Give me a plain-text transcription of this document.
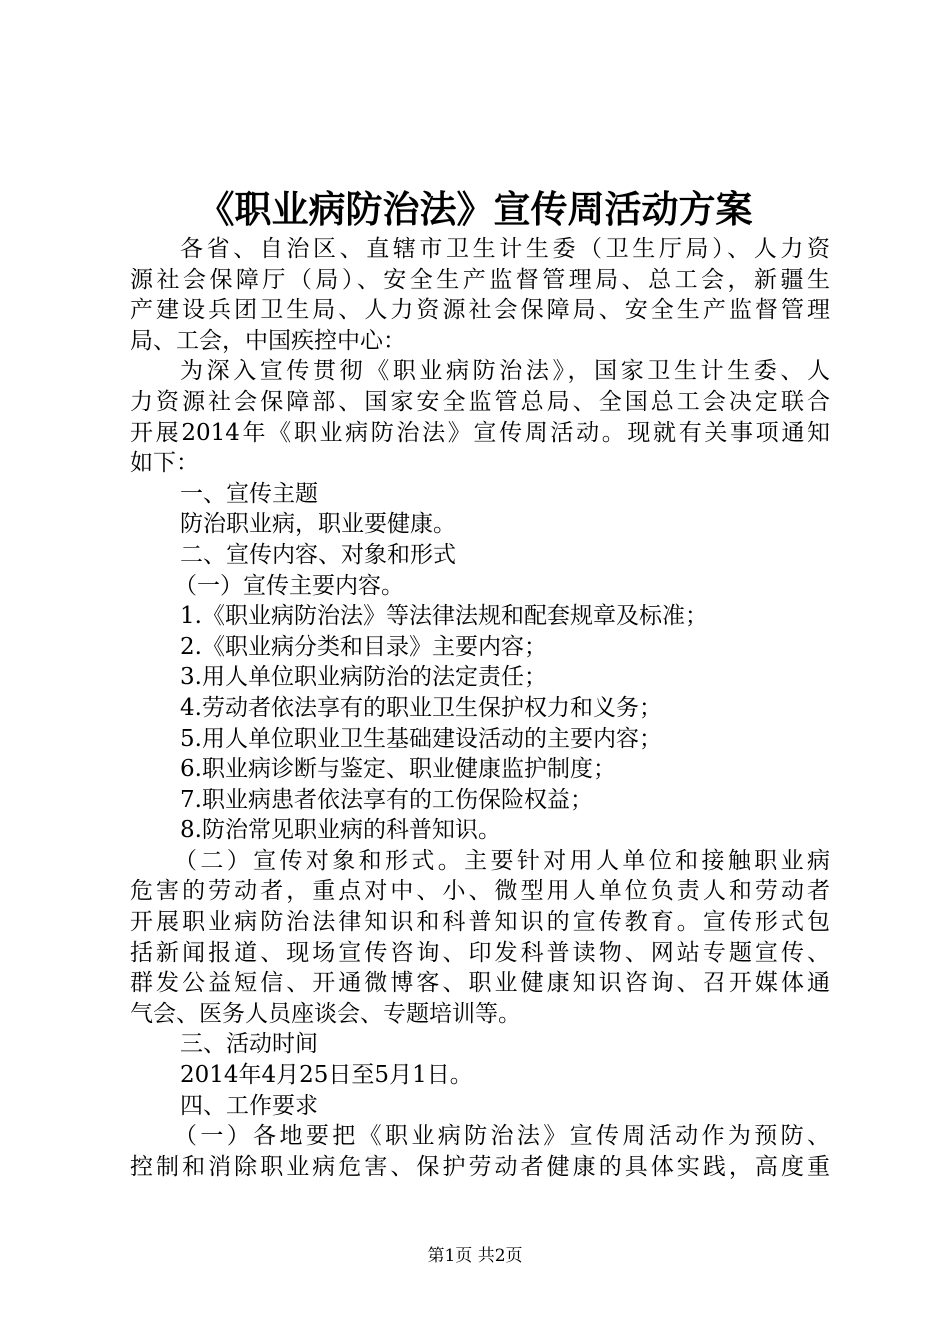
《职业病防治法》宣传周活动方案
各省、自治区、直辖市卫生计生委（卫生厅局）、人力资
源社会保障厅（局）、安全生产监督管理局、总工会，新疆生
产建设兵团卫生局、人力资源社会保障局、安全生产监督管理
局、工会，中国疾控中心：
为深入宣传贯彻《职业病防治法》，国家卫生计生委、人
力资源社会保障部、国家安全监管总局、全国总工会决定联合
开展2014年《职业病防治法》宣传周活动。现就有关事项通知
如下：
一、宣传主题
防治职业病，职业要健康。
二、宣传内容、对象和形式
（一）宣传主要内容。
1.《职业病防治法》等法律法规和配套规章及标准；
2.《职业病分类和目录》主要内容；
3.用人单位职业病防治的法定责任；
4.劳动者依法享有的职业卫生保护权力和义务；
5.用人单位职业卫生基础建设活动的主要内容；
6.职业病诊断与鉴定、职业健康监护制度；
7.职业病患者依法享有的工伤保险权益；
8.防治常见职业病的科普知识。
（二）宣传对象和形式。主要针对用人单位和接触职业病
危害的劳动者，重点对中、小、微型用人单位负责人和劳动者
开展职业病防治法律知识和科普知识的宣传教育。宣传形式包
括新闻报道、现场宣传咨询、印发科普读物、网站专题宣传、
群发公益短信、开通微博客、职业健康知识咨询、召开媒体通
气会、医务人员座谈会、专题培训等。
三、活动时间
2014年4月25日至5月1日。
四、工作要求
（一）各地要把《职业病防治法》宣传周活动作为预防、
控制和消除职业病危害、保护劳动者健康的具体实践，高度重
第1页 共2页
